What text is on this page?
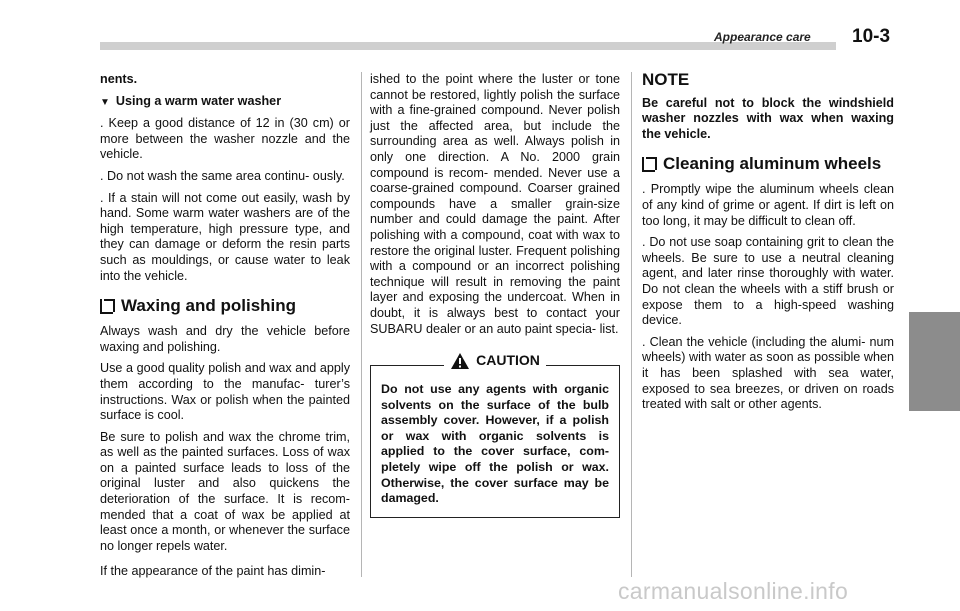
Appearance care 10-3

nents.

▼ Using a warm water washer

. Keep a good distance of 12 in (30 cm) or more between the washer nozzle and the vehicle.

. Do not wash the same area continu- ously.

. If a stain will not come out easily, wash by hand. Some warm water washers are of the high temperature, high pressure type, and they can damage or deform the resin parts such as mouldings, or cause water to leak into the vehicle.

Waxing and polishing

Always wash and dry the vehicle before waxing and polishing.

Use a good quality polish and wax and apply them according to the manufac- turer’s instructions. Wax or polish when the painted surface is cool.

Be sure to polish and wax the chrome trim, as well as the painted surfaces. Loss of wax on a painted surface leads to loss of the original luster and also quickens the deterioration of the surface. It is recom- mended that a coat of wax be applied at least once a month, or whenever the surface no longer repels water.

If the appearance of the paint has dimin-

ished to the point where the luster or tone cannot be restored, lightly polish the surface with a fine-grained compound. Never polish just the affected area, but include the surrounding area as well. Always polish in only one direction. A No. 2000 grain compound is recom- mended. Never use a coarse-grained compound. Coarser grained compounds have a smaller grain-size number and could damage the paint. After polishing with a compound, coat with wax to restore the original luster. Frequent polishing with a compound or an incorrect polishing technique will result in removing the paint layer and exposing the undercoat. When in doubt, it is always best to contact your SUBARU dealer or an auto paint specia- list.

CAUTION
Do not use any agents with organic solvents on the surface of the bulb assembly cover. However, if a polish or wax with organic solvents is applied to the cover surface, com- pletely wipe off the polish or wax. Otherwise, the cover surface may be damaged.
NOTE

Be careful not to block the windshield washer nozzles with wax when waxing the vehicle.

Cleaning aluminum wheels

. Promptly wipe the aluminum wheels clean of any kind of grime or agent. If dirt is left on too long, it may be difficult to clean off.

. Do not use soap containing grit to clean the wheels. Be sure to use a neutral cleaning agent, and later rinse thoroughly with water. Do not clean the wheels with a stiff brush or expose them to a high-speed washing device.

. Clean the vehicle (including the alumi- num wheels) with water as soon as possible when it has been splashed with sea water, exposed to sea breezes, or driven on roads treated with salt or other agents.

carmanualsonline.info
